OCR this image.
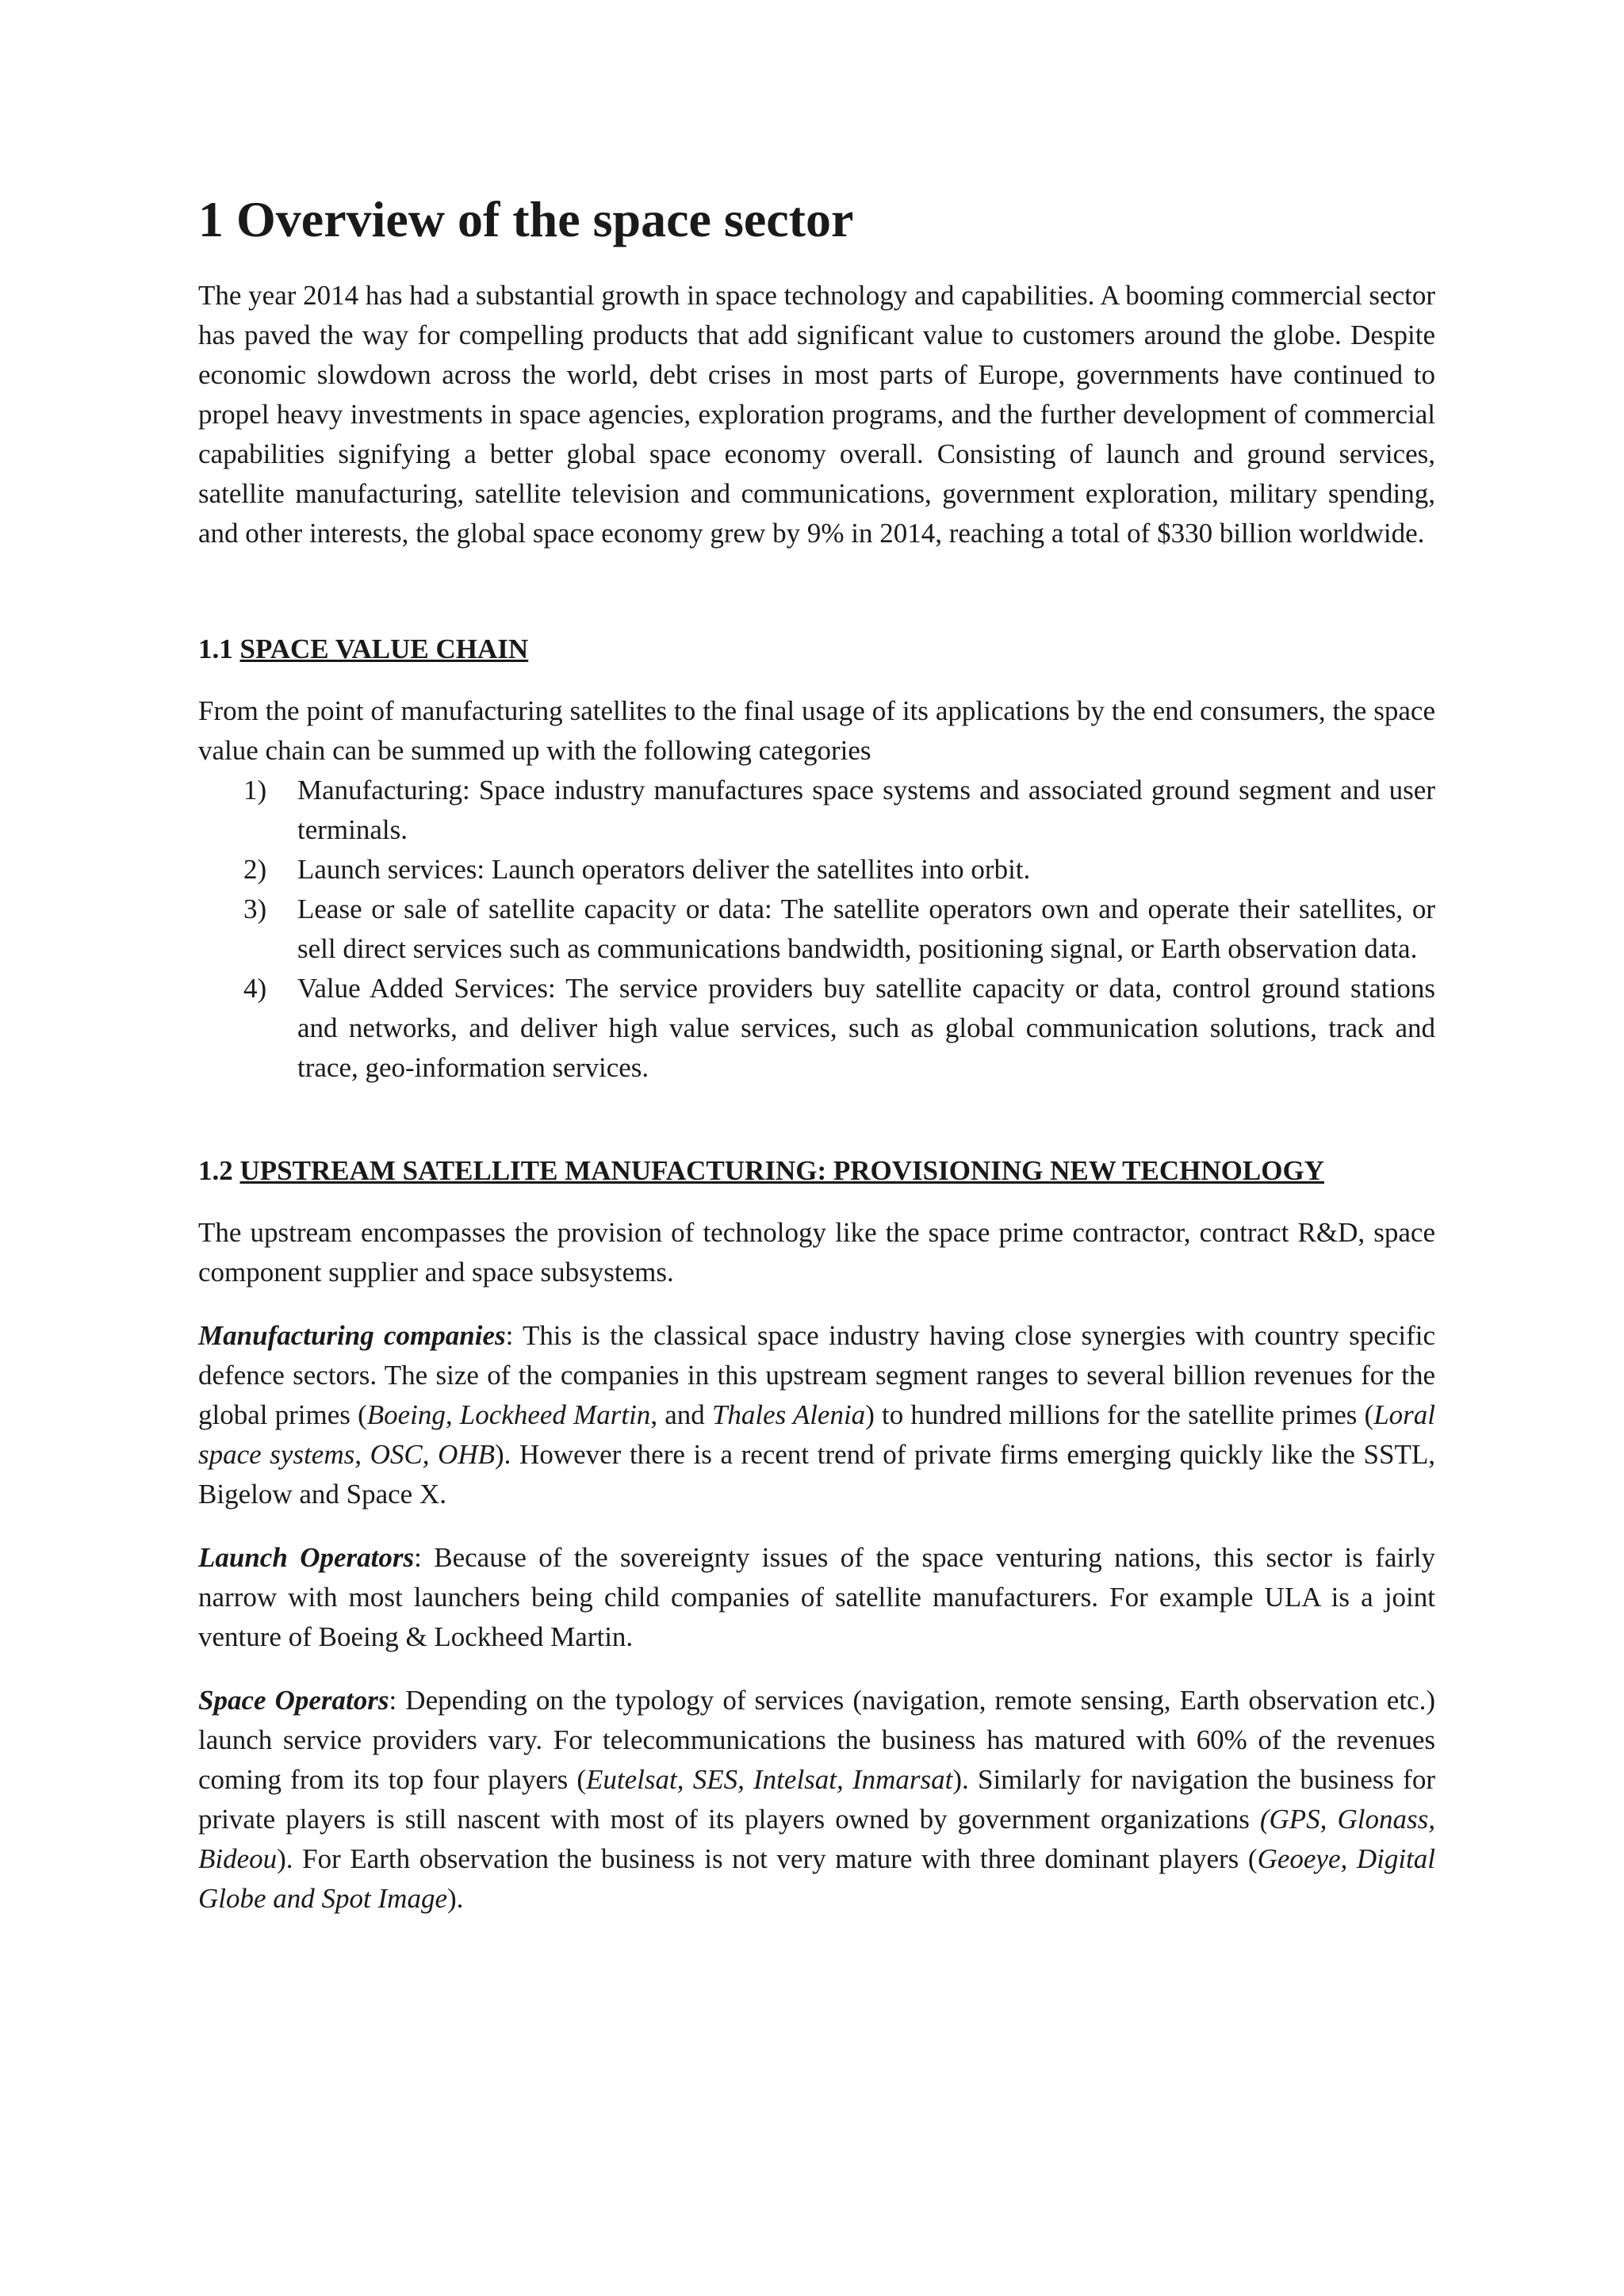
1 Overview of the space sector

The year 2014 has had a substantial growth in space technology and capabilities. A booming commercial sector has paved the way for compelling products that add significant value to customers around the globe. Despite economic slowdown across the world, debt crises in most parts of Europe, governments have continued to propel heavy investments in space agencies, exploration programs, and the further development of commercial capabilities signifying a better global space economy overall. Consisting of launch and ground services, satellite manufacturing, satellite television and communications, government exploration, military spending, and other interests, the global space economy grew by 9% in 2014, reaching a total of $330 billion worldwide.

1.1 SPACE VALUE CHAIN

From the point of manufacturing satellites to the final usage of its applications by the end consumers, the space value chain can be summed up with the following categories

1) Manufacturing: Space industry manufactures space systems and associated ground segment and user terminals.
2) Launch services: Launch operators deliver the satellites into orbit.
3) Lease or sale of satellite capacity or data: The satellite operators own and operate their satellites, or sell direct services such as communications bandwidth, positioning signal, or Earth observation data.
4) Value Added Services: The service providers buy satellite capacity or data, control ground stations and networks, and deliver high value services, such as global communication solutions, track and trace, geo-information services.
1.2 UPSTREAM SATELLITE MANUFACTURING: PROVISIONING NEW TECHNOLOGY

The upstream encompasses the provision of technology like the space prime contractor, contract R&D, space component supplier and space subsystems.

Manufacturing companies: This is the classical space industry having close synergies with country specific defence sectors. The size of the companies in this upstream segment ranges to several billion revenues for the global primes (Boeing, Lockheed Martin, and Thales Alenia) to hundred millions for the satellite primes (Loral space systems, OSC, OHB). However there is a recent trend of private firms emerging quickly like the SSTL, Bigelow and Space X.

Launch Operators: Because of the sovereignty issues of the space venturing nations, this sector is fairly narrow with most launchers being child companies of satellite manufacturers. For example ULA is a joint venture of Boeing & Lockheed Martin.

Space Operators: Depending on the typology of services (navigation, remote sensing, Earth observation etc.) launch service providers vary. For telecommunications the business has matured with 60% of the revenues coming from its top four players (Eutelsat, SES, Intelsat, Inmarsat). Similarly for navigation the business for private players is still nascent with most of its players owned by government organizations (GPS, Glonass, Bideou). For Earth observation the business is not very mature with three dominant players (Geoeye, Digital Globe and Spot Image).
